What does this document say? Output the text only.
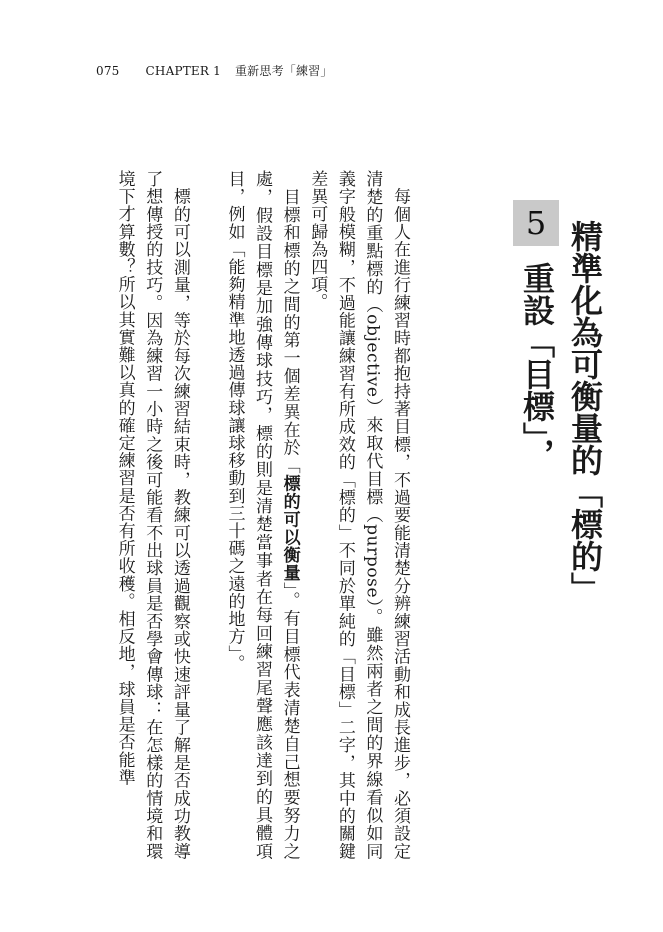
075 CHAPTER 1 重新思考「練習」
5
重設「目標」， 精準化為可衡量的「標的」

　每個人在進行練習時都抱持著目標，不過要能清楚分辨練習活動和成長進步，必須設定清楚的重點標的（objective）來取代目標（purpose）。雖然兩者之間的界線看似如同義字般模糊，不過能讓練習有所成效的「標的」不同於單純的「目標」二字，其中的關鍵差異可歸為四項。

　目標和標的之間的第一個差異在於「標的可以衡量」。有目標代表清楚自己想要努力之處，假設目標是加強傳球技巧，標的則是清楚當事者在每回練習尾聲應該達到的具體項目，例如「能夠精準地透過傳球讓球移動到三十碼之遠的地方」。

　標的可以測量，等於每次練習結束時，教練可以透過觀察或快速評量了解是否成功教導了想傳授的技巧。因為練習一小時之後可能看不出球員是否學會傳球：在怎樣的情境和環境下才算數？所以其實難以真的確定練習是否有所收穫。相反地，球員是否能準
